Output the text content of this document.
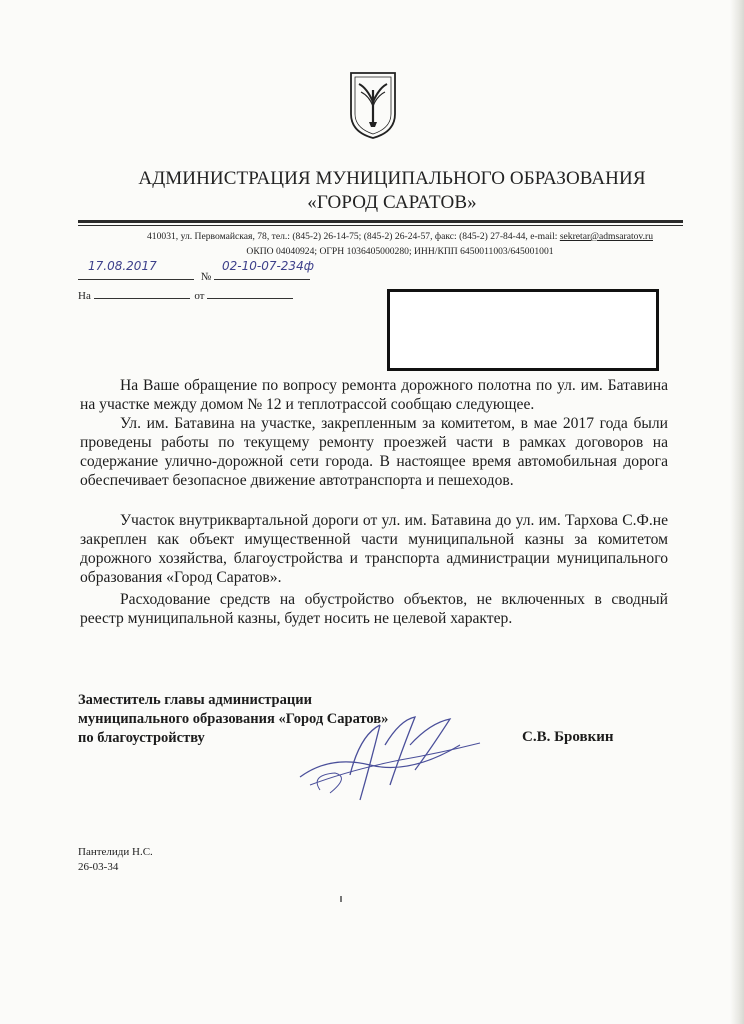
АДМИНИСТРАЦИЯ МУНИЦИПАЛЬНОГО ОБРАЗОВАНИЯ
«ГОРОД САРАТОВ»
410031, ул. Первомайская, 78, тел.: (845-2) 26-14-75; (845-2) 26-24-57, факс: (845-2) 27-84-44, e-mail: sekretar@admsaratov.ru
ОКПО 04040924; ОГРН 1036405000280; ИНН/КПП 6450011003/645001001
№
17.08.2017	02-10-07-234ф
На	от
На Ваше обращение по вопросу ремонта дорожного полотна по ул. им. Батавина на участке между домом № 12 и теплотрассой сообщаю следующее.
Ул. им. Батавина на участке, закрепленным за комитетом, в мае 2017 года были проведены работы по текущему ремонту проезжей части в рамках договоров на содержание улично-дорожной сети города. В настоящее время автомобильная дорога обеспечивает безопасное движение автотранспорта и пешеходов.
Участок внутриквартальной дороги от ул. им. Батавина до ул. им. Тархова С.Ф.не закреплен как объект имущественной части муниципальной казны за комитетом дорожного хозяйства, благоустройства и транспорта администрации муниципального образования «Город Саратов».
Расходование средств на обустройство объектов, не включенных в сводный реестр муниципальной казны, будет носить не целевой характер.
Заместитель главы администрации
муниципального образования «Город Саратов»
по благоустройству	С.В. Бровкин
Пантелиди Н.С.
26-03-34
